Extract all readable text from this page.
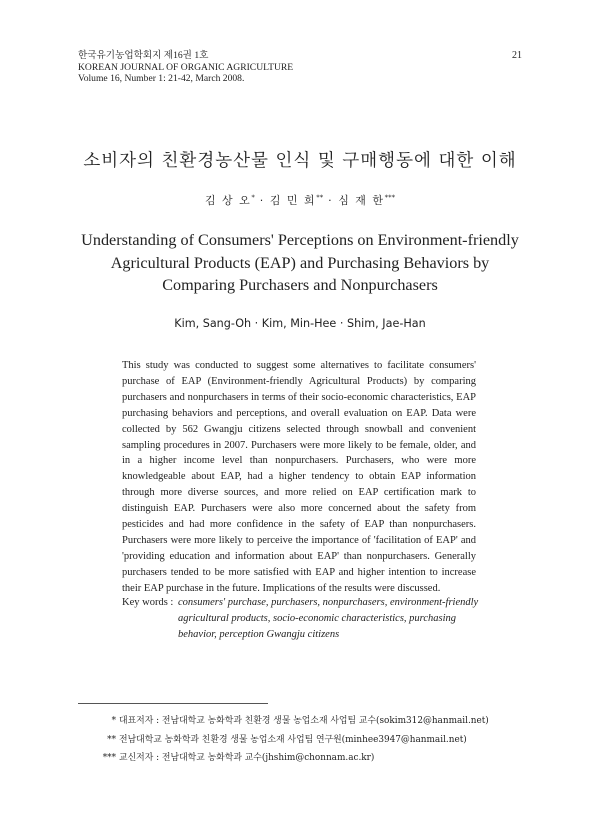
한국유기농업학회지 제16권 1호
KOREAN JOURNAL OF ORGANIC AGRICULTURE
Volume 16, Number 1: 21-42, March 2008.
21
소비자의 친환경농산물 인식 및 구매행동에 대한 이해
김 상 오* · 김 민 희** · 심 재 한***
Understanding of Consumers' Perceptions on Environment-friendly
Agricultural Products (EAP) and Purchasing Behaviors by
Comparing Purchasers and Nonpurchasers
Kim, Sang-Oh · Kim, Min-Hee · Shim, Jae-Han
This study was conducted to suggest some alternatives to facilitate consumers' purchase of EAP (Environment-friendly Agricultural Products) by comparing purchasers and nonpurchasers in terms of their socio-economic characteristics, EAP purchasing behaviors and perceptions, and overall evaluation on EAP. Data were collected by 562 Gwangju citizens selected through snowball and convenient sampling procedures in 2007. Purchasers were more likely to be female, older, and in a higher income level than nonpurchasers. Purchasers, who were more knowledgeable about EAP, had a higher tendency to obtain EAP information through more diverse sources, and more relied on EAP certification mark to distinguish EAP. Purchasers were also more concerned about the safety from pesticides and had more confidence in the safety of EAP than nonpurchasers. Purchasers were more likely to perceive the importance of 'facilitation of EAP' and 'providing education and information about EAP' than nonpurchasers. Generally purchasers tended to be more satisfied with EAP and higher intention to increase their EAP purchase in the future. Implications of the results were discussed.
Key words : consumers' purchase, purchasers, nonpurchasers, environment-friendly agricultural products, socio-economic characteristics, purchasing behavior, perception Gwangju citizens
* 대표저자 : 전남대학교 농화학과 친환경 생물 농업소재 사업팀 교수(sokim312@hanmail.net)
** 전남대학교 농화학과 친환경 생물 농업소재 사업팀 연구원(minhee3947@hanmail.net)
*** 교신저자 : 전남대학교 농화학과 교수(jhshim@chonnam.ac.kr)
